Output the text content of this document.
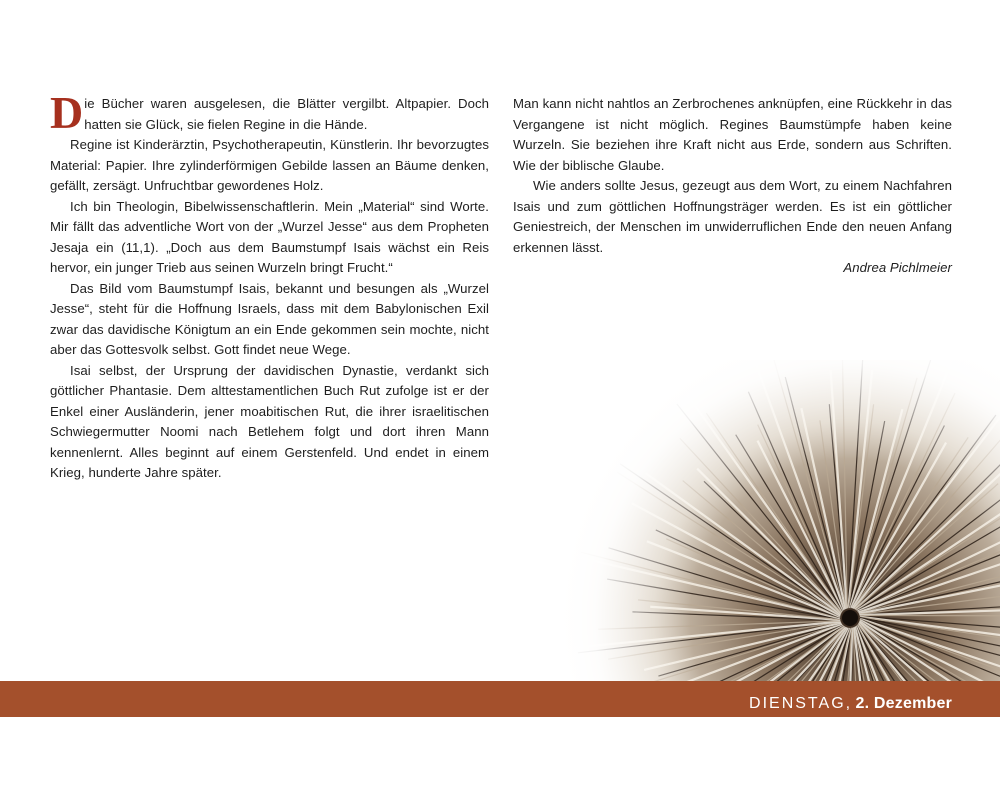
Die Bücher waren ausgelesen, die Blätter vergilbt. Altpapier. Doch hatten sie Glück, sie fielen Regine in die Hände.

Regine ist Kinderärztin, Psychotherapeutin, Künstlerin. Ihr bevorzugtes Material: Papier. Ihre zylinderförmigen Gebilde lassen an Bäume denken, gefällt, zersägt. Unfruchtbar gewordenes Holz.

Ich bin Theologin, Bibelwissenschaftlerin. Mein „Material“ sind Worte. Mir fällt das adventliche Wort von der „Wurzel Jesse“ aus dem Propheten Jesaja ein (11,1). „Doch aus dem Baumstumpf Isais wächst ein Reis hervor, ein junger Trieb aus seinen Wurzeln bringt Frucht.“

Das Bild vom Baumstumpf Isais, bekannt und besungen als „Wurzel Jesse“, steht für die Hoffnung Israels, dass mit dem Babylonischen Exil zwar das davidische Königtum an ein Ende gekommen sein mochte, nicht aber das Gottesvolk selbst. Gott findet neue Wege.

Isai selbst, der Ursprung der davidischen Dynastie, verdankt sich göttlicher Phantasie. Dem alttestamentlichen Buch Rut zufolge ist er der Enkel einer Ausländerin, jener moabitischen Rut, die ihrer israelitischen Schwiegermutter Noomi nach Betlehem folgt und dort ihren Mann kennenlernt. Alles beginnt auf einem Gerstenfeld. Und endet in einem Krieg, hunderte Jahre später.

Man kann nicht nahtlos an Zerbrochenes anknüpfen, eine Rückkehr in das Vergangene ist nicht möglich. Regines Baumstümpfe haben keine Wurzeln. Sie beziehen ihre Kraft nicht aus Erde, sondern aus Schriften. Wie der biblische Glaube.

Wie anders sollte Jesus, gezeugt aus dem Wort, zu einem Nachfahren Isais und zum göttlichen Hoffnungsträger werden. Es ist ein göttlicher Geniestreich, der Menschen im unwiderruflichen Ende den neuen Anfang erkennen lässt.

Andrea Pichlmeier

DIENSTAG, 2. Dezember
